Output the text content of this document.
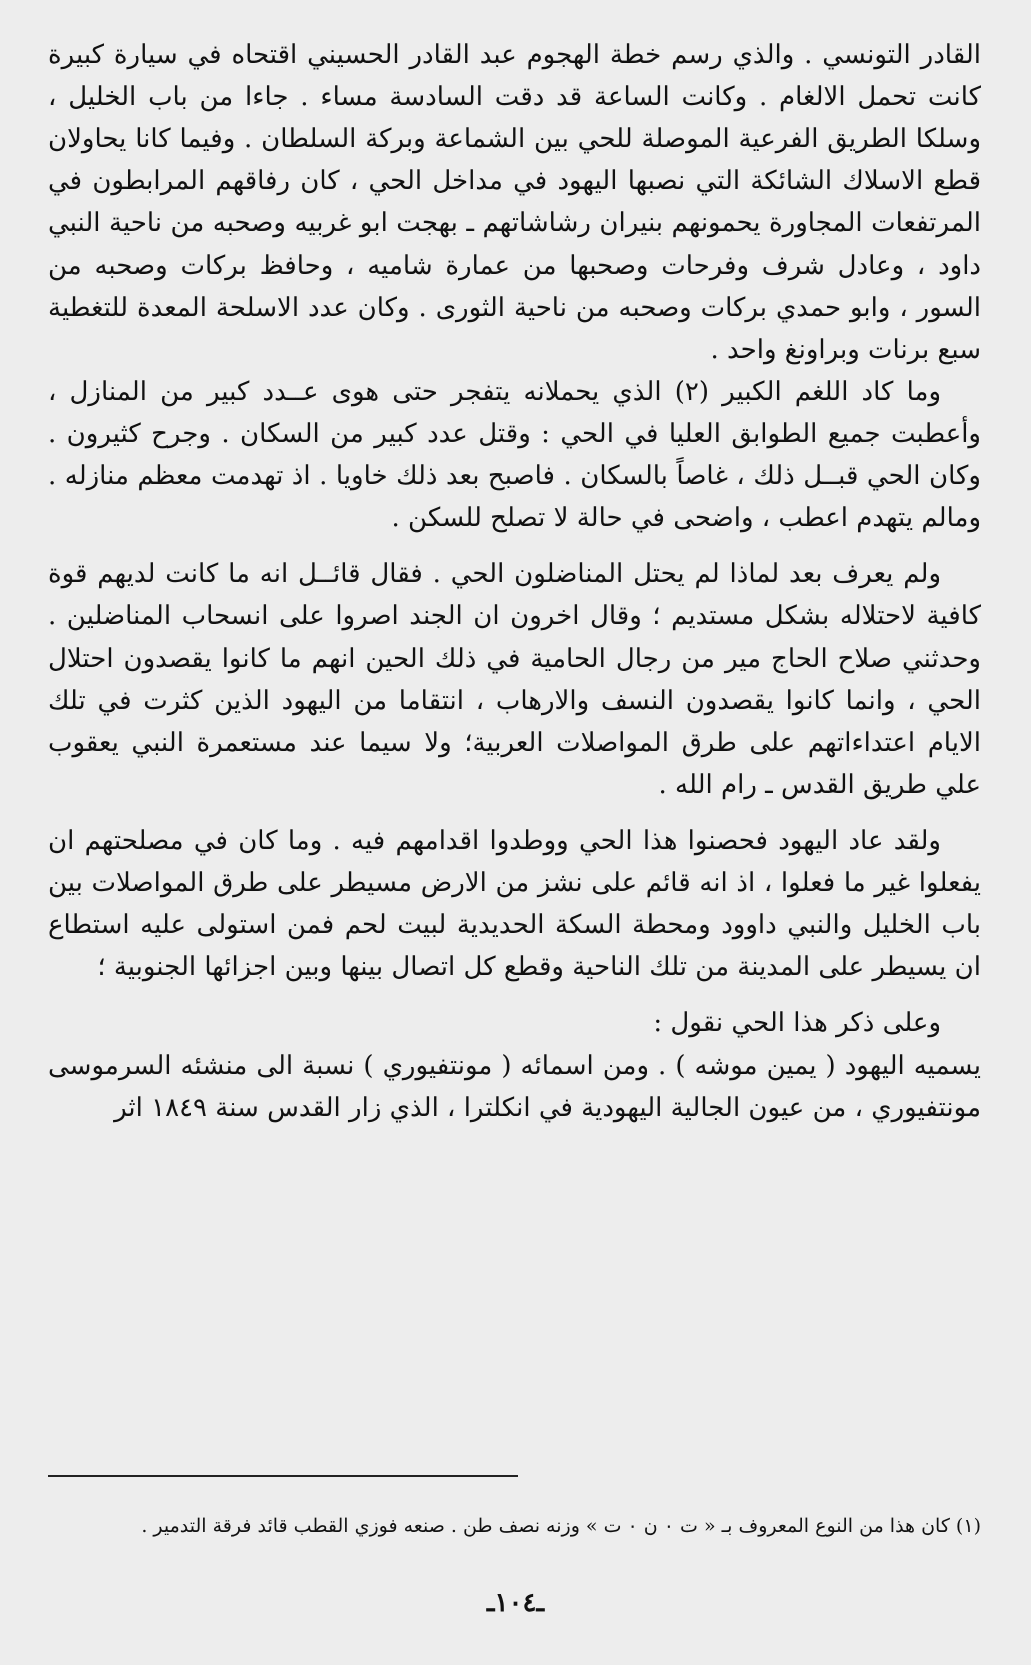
القادر التونسي . والذي رسم خطة الهجوم عبد القادر الحسيني اقتحاه في سيارة كبيرة كانت تحمل الالغام . وكانت الساعة قد دقت السادسة مساء . جاءا من باب الخليل ، وسلكا الطريق الفرعية الموصلة للحي بين الشماعة وبركة السلطان . وفيما كانا يحاولان قطع الاسلاك الشائكة التي نصبها اليهود في مداخل الحي ، كان رفاقهم المرابطون في المرتفعات المجاورة يحمونهم بنيران رشاشاتهم ـ بهجت ابو غربيه وصحبه من ناحية النبي داود ، وعادل شرف وفرحات وصحبها من عمارة شاميه ، وحافظ بركات وصحبه من السور ، وابو حمدي بركات وصحبه من ناحية الثورى . وكان عدد الاسلحة المعدة للتغطية سبع برنات وبراونغ واحد .

وما كاد اللغم الكبير (٢) الذي يحملانه يتفجر حتى هوى عــدد كبير من المنازل ، وأعطبت جميع الطوابق العليا في الحي : وقتل عدد كبير من السكان . وجرح كثيرون . وكان الحي قبــل ذلك ، غاصاً بالسكان . فاصبح بعد ذلك خاويا . اذ تهدمت معظم منازله . ومالم يتهدم اعطب ، واضحى في حالة لا تصلح للسكن .

ولم يعرف بعد لماذا لم يحتل المناضلون الحي . فقال قائــل انه ما كانت لديهم قوة كافية لاحتلاله بشكل مستديم ؛ وقال اخرون ان الجند اصروا على انسحاب المناضلين . وحدثني صلاح الحاج مير من رجال الحامية في ذلك الحين انهم ما كانوا يقصدون احتلال الحي ، وانما كانوا يقصدون النسف والارهاب ، انتقاما من اليهود الذين كثرت في تلك الايام اعتداءاتهم على طرق المواصلات العربية؛ ولا سيما عند مستعمرة النبي يعقوب علي طريق القدس ـ رام الله .

ولقد عاد اليهود فحصنوا هذا الحي ووطدوا اقدامهم فيه . وما كان في مصلحتهم ان يفعلوا غير ما فعلوا ، اذ انه قائم على نشز من الارض مسيطر على طرق المواصلات بين باب الخليل والنبي داوود ومحطة السكة الحديدية لبيت لحم فمن استولى عليه استطاع ان يسيطر على المدينة من تلك الناحية وقطع كل اتصال بينها وبين اجزائها الجنوبية ؛

وعلى ذكر هذا الحي نقول :

يسميه اليهود ( يمين موشه ) . ومن اسمائه ( مونتفيوري ) نسبة الى منشئه السرموسى مونتفيوري ، من عيون الجالية اليهودية في انكلترا ، الذي زار القدس سنة ١٨٤٩ اثر

(١) كان هذا من النوع المعروف بـ « ت ٠ ن ٠ ت » وزنه نصف طن . صنعه فوزي القطب قائد فرقة التدمير .

ـ١٠٤ـ
